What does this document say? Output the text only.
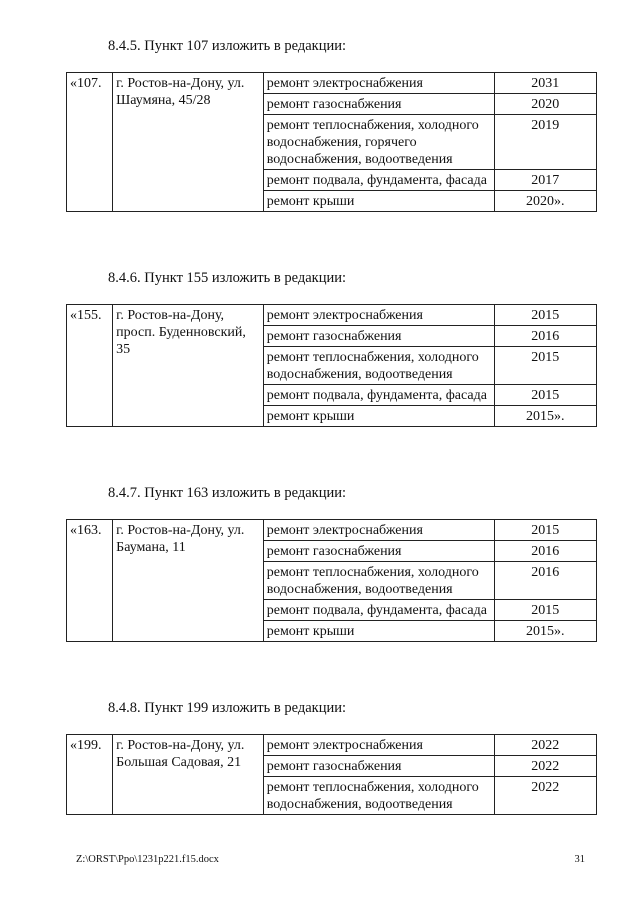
8.4.5. Пункт 107 изложить в редакции:
«107.	г. Ростов-на-Дону, ул. Шаумяна, 45/28	ремонт электроснабжения	2031
		ремонт газоснабжения	2020
		ремонт теплоснабжения, холодного водоснабжения, горячего водоснабжения, водоотведения	2019
		ремонт подвала, фундамента, фасада	2017
		ремонт крыши	2020».
8.4.6. Пункт 155 изложить в редакции:
«155.	г. Ростов-на-Дону, просп. Буденновский, 35	ремонт электроснабжения	2015
		ремонт газоснабжения	2016
		ремонт теплоснабжения, холодного водоснабжения, водоотведения	2015
		ремонт подвала, фундамента, фасада	2015
		ремонт крыши	2015».
8.4.7. Пункт 163 изложить в редакции:
«163.	г. Ростов-на-Дону, ул. Баумана, 11	ремонт электроснабжения	2015
		ремонт газоснабжения	2016
		ремонт теплоснабжения, холодного водоснабжения, водоотведения	2016
		ремонт подвала, фундамента, фасада	2015
		ремонт крыши	2015».
8.4.8. Пункт 199 изложить в редакции:
«199.	г. Ростов-на-Дону, ул. Большая Садовая, 21	ремонт электроснабжения	2022
		ремонт газоснабжения	2022
		ремонт теплоснабжения, холодного водоснабжения, водоотведения	2022
Z:\ORST\Ppo\1231p221.f15.docx	31
